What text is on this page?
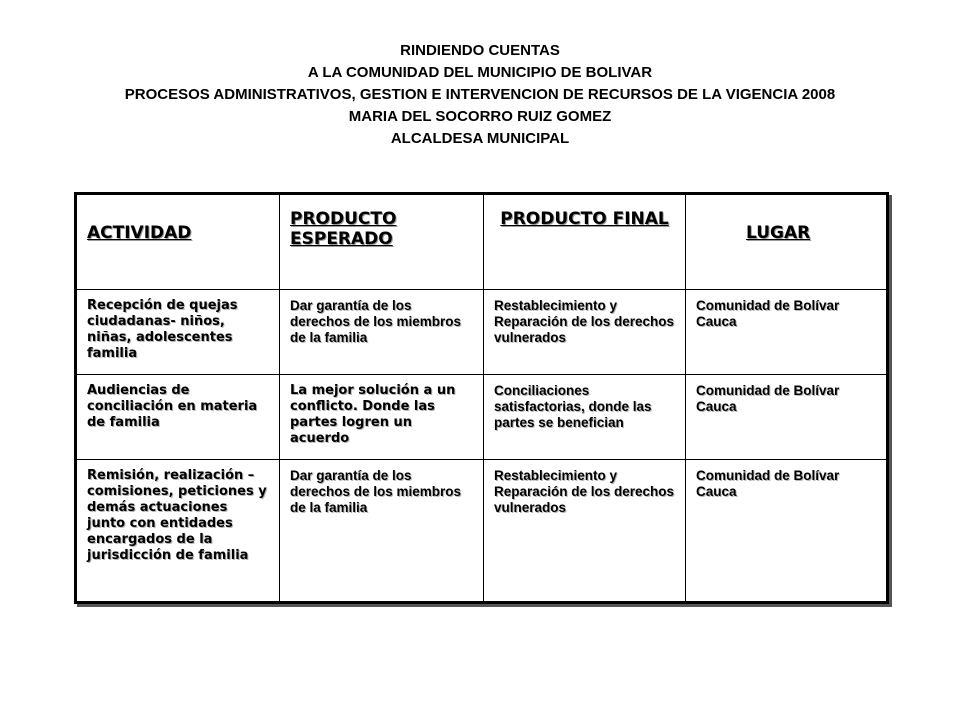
RINDIENDO CUENTAS
A LA COMUNIDAD DEL MUNICIPIO DE BOLIVAR
PROCESOS ADMINISTRATIVOS, GESTION E INTERVENCION DE RECURSOS DE LA VIGENCIA 2008
MARIA DEL SOCORRO RUIZ GOMEZ
ALCALDESA MUNICIPAL
ACTIVIDAD	PRODUCTO ESPERADO	PRODUCTO FINAL	LUGAR
Recepción de quejas ciudadanas- niños, niñas, adolescentes familia	Dar garantía de los derechos de los miembros de la familia	Restablecimiento y Reparación de los derechos vulnerados	Comunidad de Bolívar Cauca
Audiencias de conciliación en materia de familia	La mejor solución a un conflicto. Donde las partes logren un acuerdo	Conciliaciones satisfactorias, donde las partes se benefician	Comunidad de Bolívar Cauca
Remisión, realización – comisiones, peticiones y demás actuaciones junto con entidades encargados de la jurisdicción de familia	Dar garantía de los derechos de los miembros de la familia	Restablecimiento y Reparación de los derechos vulnerados	Comunidad de Bolívar Cauca
